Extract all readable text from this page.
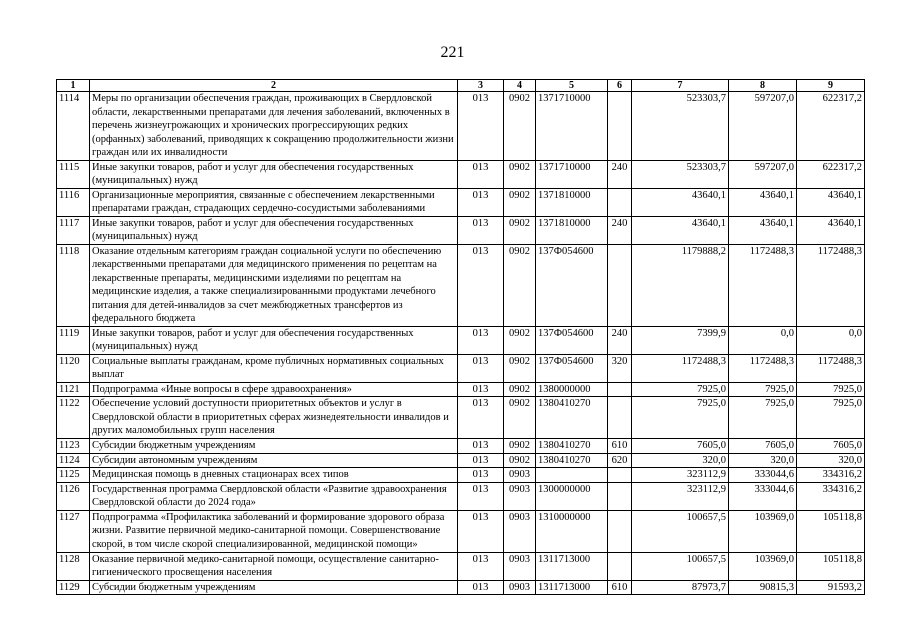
221
1	2	3	4	5	6	7	8	9
1114	Меры по организации обеспечения граждан, проживающих в Свердловской области, лекарственными препаратами для лечения заболеваний, включенных в перечень жизнеугрожающих и хронических прогрессирующих редких (орфанных) заболеваний, приводящих к сокращению продолжительности жизни граждан или их инвалидности	013	0902	1371710000		523303,7	597207,0	622317,2
1115	Иные закупки товаров, работ и услуг для обеспечения государственных (муниципальных) нужд	013	0902	1371710000	240	523303,7	597207,0	622317,2
1116	Организационные мероприятия, связанные с обеспечением лекарственными препаратами граждан, страдающих сердечно-сосудистыми заболеваниями	013	0902	1371810000		43640,1	43640,1	43640,1
1117	Иные закупки товаров, работ и услуг для обеспечения государственных (муниципальных) нужд	013	0902	1371810000	240	43640,1	43640,1	43640,1
1118	Оказание отдельным категориям граждан социальной услуги по обеспечению лекарственными препаратами для медицинского применения по рецептам на лекарственные препараты, медицинскими изделиями по рецептам на медицинские изделия, а также специализированными продуктами лечебного питания для детей-инвалидов за счет межбюджетных трансфертов из федерального бюджета	013	0902	137Ф054600		1179888,2	1172488,3	1172488,3
1119	Иные закупки товаров, работ и услуг для обеспечения государственных (муниципальных) нужд	013	0902	137Ф054600	240	7399,9	0,0	0,0
1120	Социальные выплаты гражданам, кроме публичных нормативных социальных выплат	013	0902	137Ф054600	320	1172488,3	1172488,3	1172488,3
1121	Подпрограмма «Иные вопросы в сфере здравоохранения»	013	0902	1380000000		7925,0	7925,0	7925,0
1122	Обеспечение условий доступности приоритетных объектов и услуг в Свердловской области в приоритетных сферах жизнедеятельности инвалидов и других маломобильных групп населения	013	0902	1380410270		7925,0	7925,0	7925,0
1123	Субсидии бюджетным учреждениям	013	0902	1380410270	610	7605,0	7605,0	7605,0
1124	Субсидии автономным учреждениям	013	0902	1380410270	620	320,0	320,0	320,0
1125	Медицинская помощь в дневных стационарах всех типов	013	0903			323112,9	333044,6	334316,2
1126	Государственная программа Свердловской области «Развитие здравоохранения Свердловской области до 2024 года»	013	0903	1300000000		323112,9	333044,6	334316,2
1127	Подпрограмма «Профилактика заболеваний и формирование здорового образа жизни. Развитие первичной медико-санитарной помощи. Совершенствование скорой, в том числе скорой специализированной, медицинской помощи»	013	0903	1310000000		100657,5	103969,0	105118,8
1128	Оказание первичной медико-санитарной помощи, осуществление санитарно-гигиенического просвещения населения	013	0903	1311713000		100657,5	103969,0	105118,8
1129	Субсидии бюджетным учреждениям	013	0903	1311713000	610	87973,7	90815,3	91593,2
